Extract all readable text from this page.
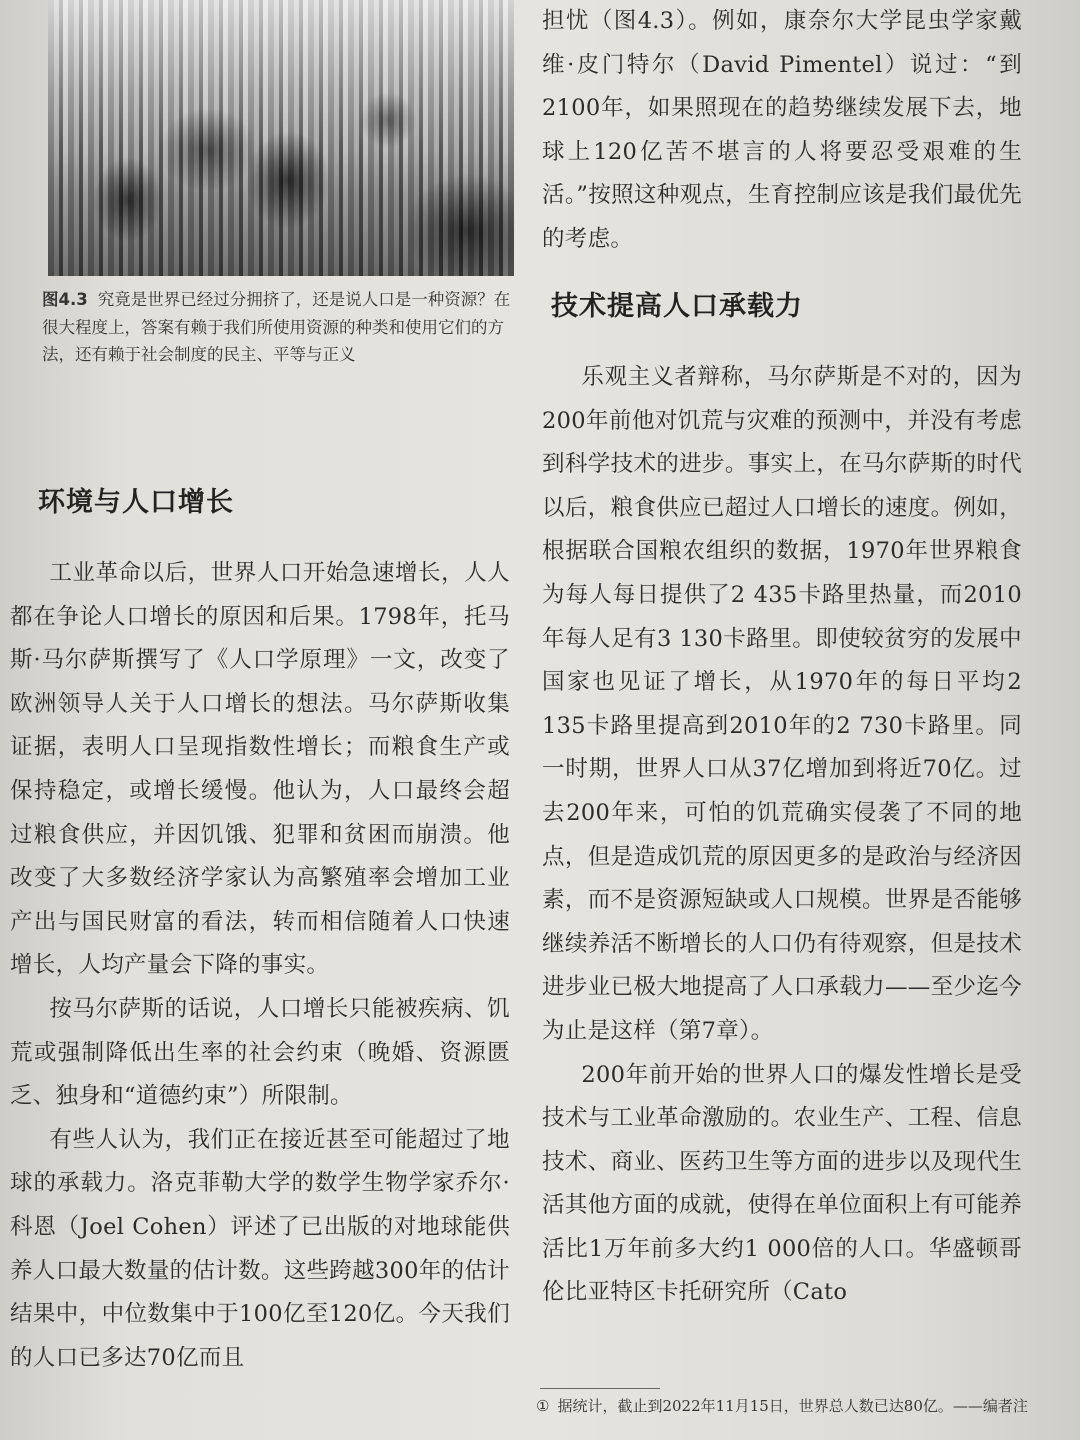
图4.3 究竟是世界已经过分拥挤了，还是说人口是一种资源？在很大程度上，答案有赖于我们所使用资源的种类和使用它们的方法，还有赖于社会制度的民主、平等与正义
环境与人口增长

工业革命以后，世界人口开始急速增长，人人都在争论人口增长的原因和后果。1798年，托马斯·马尔萨斯撰写了《人口学原理》一文，改变了欧洲领导人关于人口增长的想法。马尔萨斯收集证据，表明人口呈现指数性增长；而粮食生产或保持稳定，或增长缓慢。他认为，人口最终会超过粮食供应，并因饥饿、犯罪和贫困而崩溃。他改变了大多数经济学家认为高繁殖率会增加工业产出与国民财富的看法，转而相信随着人口快速增长，人均产量会下降的事实。

按马尔萨斯的话说，人口增长只能被疾病、饥荒或强制降低出生率的社会约束（晚婚、资源匮乏、独身和“道德约束”）所限制。

有些人认为，我们正在接近甚至可能超过了地球的承载力。洛克菲勒大学的数学生物学家乔尔·科恩（Joel Cohen）评述了已出版的对地球能供养人口最大数量的估计数。这些跨越300年的估计结果中，中位数集中于100亿至120亿。今天我们的人口已多达70亿而且

担忧（图4.3）。例如，康奈尔大学昆虫学家戴维·皮门特尔（David Pimentel）说过：“到2100年，如果照现在的趋势继续发展下去，地球上120亿苦不堪言的人将要忍受艰难的生活。”按照这种观点，生育控制应该是我们最优先的考虑。

技术提高人口承载力

乐观主义者辩称，马尔萨斯是不对的，因为200年前他对饥荒与灾难的预测中，并没有考虑到科学技术的进步。事实上，在马尔萨斯的时代以后，粮食供应已超过人口增长的速度。例如，根据联合国粮农组织的数据，1970年世界粮食为每人每日提供了2 435卡路里热量，而2010年每人足有3 130卡路里。即使较贫穷的发展中国家也见证了增长，从1970年的每日平均2 135卡路里提高到2010年的2 730卡路里。同一时期，世界人口从37亿增加到将近70亿。过去200年来，可怕的饥荒确实侵袭了不同的地点，但是造成饥荒的原因更多的是政治与经济因素，而不是资源短缺或人口规模。世界是否能够继续养活不断增长的人口仍有待观察，但是技术进步业已极大地提高了人口承载力——至少迄今为止是这样（第7章）。

200年前开始的世界人口的爆发性增长是受技术与工业革命激励的。农业生产、工程、信息技术、商业、医药卫生等方面的进步以及现代生活其他方面的成就，使得在单位面积上有可能养活比1万年前多大约1 000倍的人口。华盛顿哥伦比亚特区卡托研究所（Cato

① 据统计，截止到2022年11月15日，世界总人数已达80亿。——编者注
